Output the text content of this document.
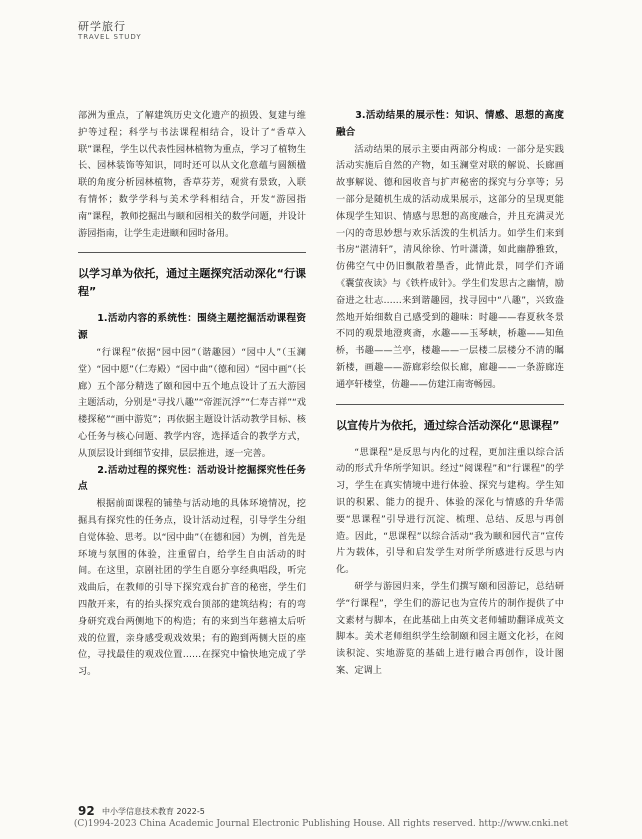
研学旅行
TRAVEL STUDY

部洲为重点，了解建筑历史文化遗产的损毁、复建与维护等过程；科学与书法课程相结合，设计了“香草入联”课程，学生以代表性园林植物为重点，学习了植物生长、园林装饰等知识，同时还可以从文化意蕴与圆额楹联的角度分析园林植物，香草芬芳，观赏有景致，入联有情怀；数学学科与美术学科相结合，开发“游园指南”课程，教师挖掘出与颐和园相关的数学问题，并设计游园指南，让学生走进颐和园时备用。

以学习单为依托，通过主题探究活动深化“行课程”

1.活动内容的系统性：围绕主题挖掘活动课程资源

“行课程”依据“园中园”（谐趣园）“园中人”（玉澜堂）“园中愿”（仁寿殿）“园中曲”（德和园）“园中画”（长廊）五个部分精选了颐和园中五个地点设计了五大游园主题活动，分别是“寻找八趣”“帝涯沉浮”“仁寿吉祥”“戏楼探秘”“画中游览”；再依据主题设计活动教学目标、核心任务与核心问题、教学内容，选择适合的教学方式，从顶层设计到细节安排，层层推进，逐一完善。

2.活动过程的探究性：活动设计挖掘探究性任务点

根据前面课程的铺垫与活动地的具体环境情况，挖掘具有探究性的任务点，设计活动过程，引导学生分组自觉体验、思考。以“园中曲”（在德和园）为例，首先是环境与氛围的体验，注重留白，给学生自由活动的时间。在这里，京剧社团的学生自愿分享经典唱段，听完戏曲后，在教师的引导下探究戏台扩音的秘密，学生们四散开来，有的抬头探究戏台顶部的建筑结构；有的弯身研究戏台两侧地下的构造；有的来到当年慈禧太后听戏的位置，亲身感受观戏效果；有的跑到两侧大臣的座位，寻找最佳的观戏位置……在探究中愉快地完成了学习。

3.活动结果的展示性：知识、情感、思想的高度融合

活动结果的展示主要由两部分构成：一部分是实践活动实施后自然的产物，如玉澜堂对联的解说、长廊画故事解说、德和园收音与扩声秘密的探究与分享等；另一部分是随机生成的活动成果展示，这部分的呈现更能体现学生知识、情感与思想的高度融合，并且充满灵光一闪的奇思妙想与欢乐活泼的生机活力。如学生们来到书房“湛清轩”，清风徐徐、竹叶潇潇，如此幽静雅致，仿佛空气中仍旧飘散着墨香，此情此景，同学们齐诵《囊萤夜读》与《铁杵成针》。学生们发思古之幽情，励奋进之壮志……来到谐趣园，找寻园中“八趣”，兴致盎然地开始细数自己感受到的趣味：时趣——春夏秋冬景不同的观景地澄爽斋，水趣——玉琴峡，桥趣——知鱼桥，书趣——兰亭，楼趣——一层楼二层楼分不清的瞩新楼，画趣——游廊彩绘似长廊，廊趣——一条游廊连通亭轩楼堂，仿趣——仿建江南寄畅园。

以宣传片为依托，通过综合活动深化“思课程”

“思课程”是反思与内化的过程，更加注重以综合活动的形式升华所学知识。经过“阅课程”和“行课程”的学习，学生在真实情境中进行体验、探究与建构。学生知识的积累、能力的提升、体验的深化与情感的升华需要“思课程”引导进行沉淀、梳理、总结、反思与再创造。因此，“思课程”以综合活动“我为颐和园代言”宣传片为载体，引导和启发学生对所学所感进行反思与内化。

研学与游园归来，学生们撰写颐和园游记，总结研学“行课程”，学生们的游记也为宣传片的制作提供了中文素材与脚本，在此基础上由英文老师辅助翻译成英文脚本。美术老师组织学生绘制颐和园主题文化衫，在阅读积淀、实地游览的基础上进行融合再创作，设计图案、定调上

92 中小学信息技术教育 2022-5
(C)1994-2023 China Academic Journal Electronic Publishing House. All rights reserved. http://www.cnki.net
